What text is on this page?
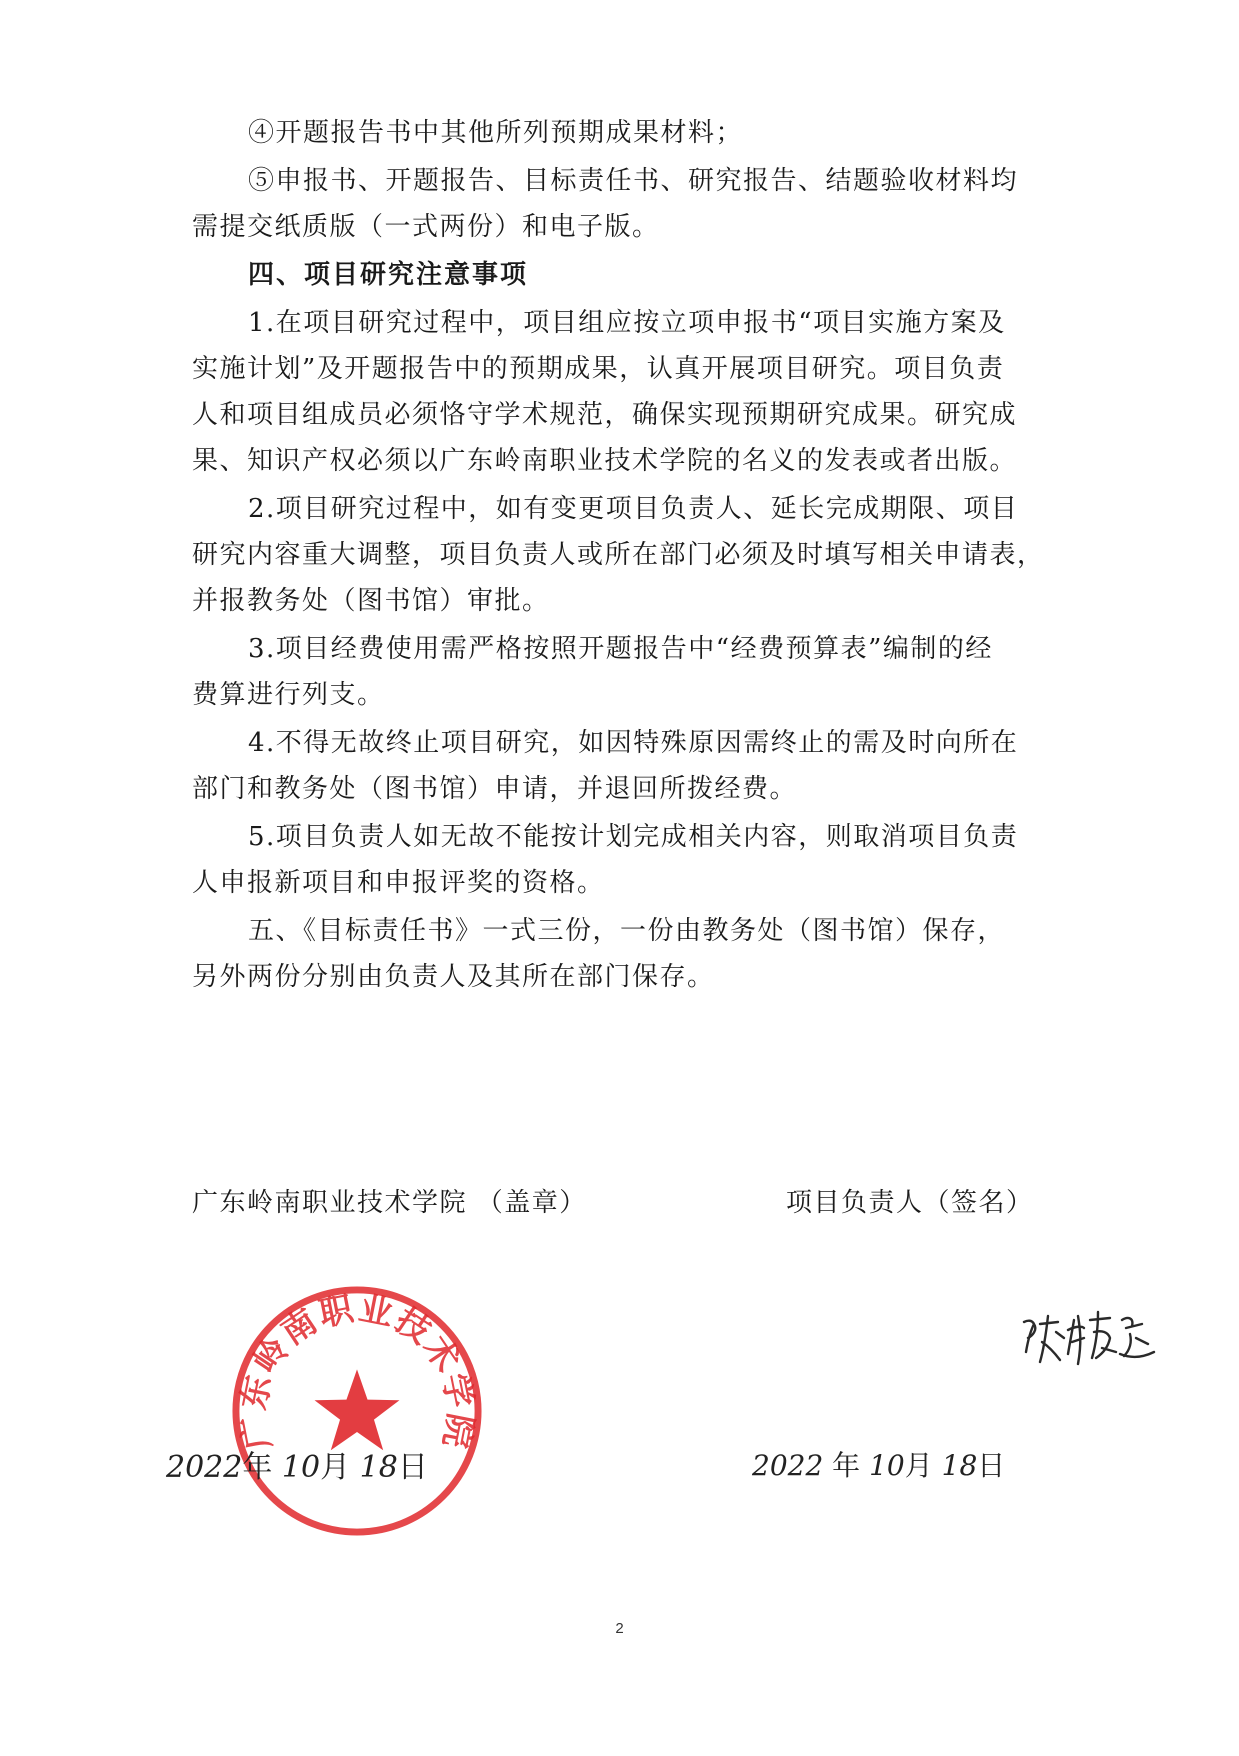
④开题报告书中其他所列预期成果材料；
⑤申报书、开题报告、目标责任书、研究报告、结题验收材料均
需提交纸质版（一式两份）和电子版。
四、项目研究注意事项
1.在项目研究过程中，项目组应按立项申报书“项目实施方案及
实施计划”及开题报告中的预期成果，认真开展项目研究。项目负责
人和项目组成员必须恪守学术规范，确保实现预期研究成果。研究成
果、知识产权必须以广东岭南职业技术学院的名义的发表或者出版。
2.项目研究过程中，如有变更项目负责人、延长完成期限、项目
研究内容重大调整，项目负责人或所在部门必须及时填写相关申请表，
并报教务处（图书馆）审批。
3.项目经费使用需严格按照开题报告中“经费预算表”编制的经
费算进行列支。
4.不得无故终止项目研究，如因特殊原因需终止的需及时向所在
部门和教务处（图书馆）申请，并退回所拨经费。
5.项目负责人如无故不能按计划完成相关内容，则取消项目负责
人申报新项目和申报评奖的资格。
五、《目标责任书》一式三份，一份由教务处（图书馆）保存，
另外两份分别由负责人及其所在部门保存。
广东岭南职业技术学院 （盖章）	项目负责人（签名）
广东岭南职业技术学院
2022年 10月 18日	2022 年 10月 18日
2
